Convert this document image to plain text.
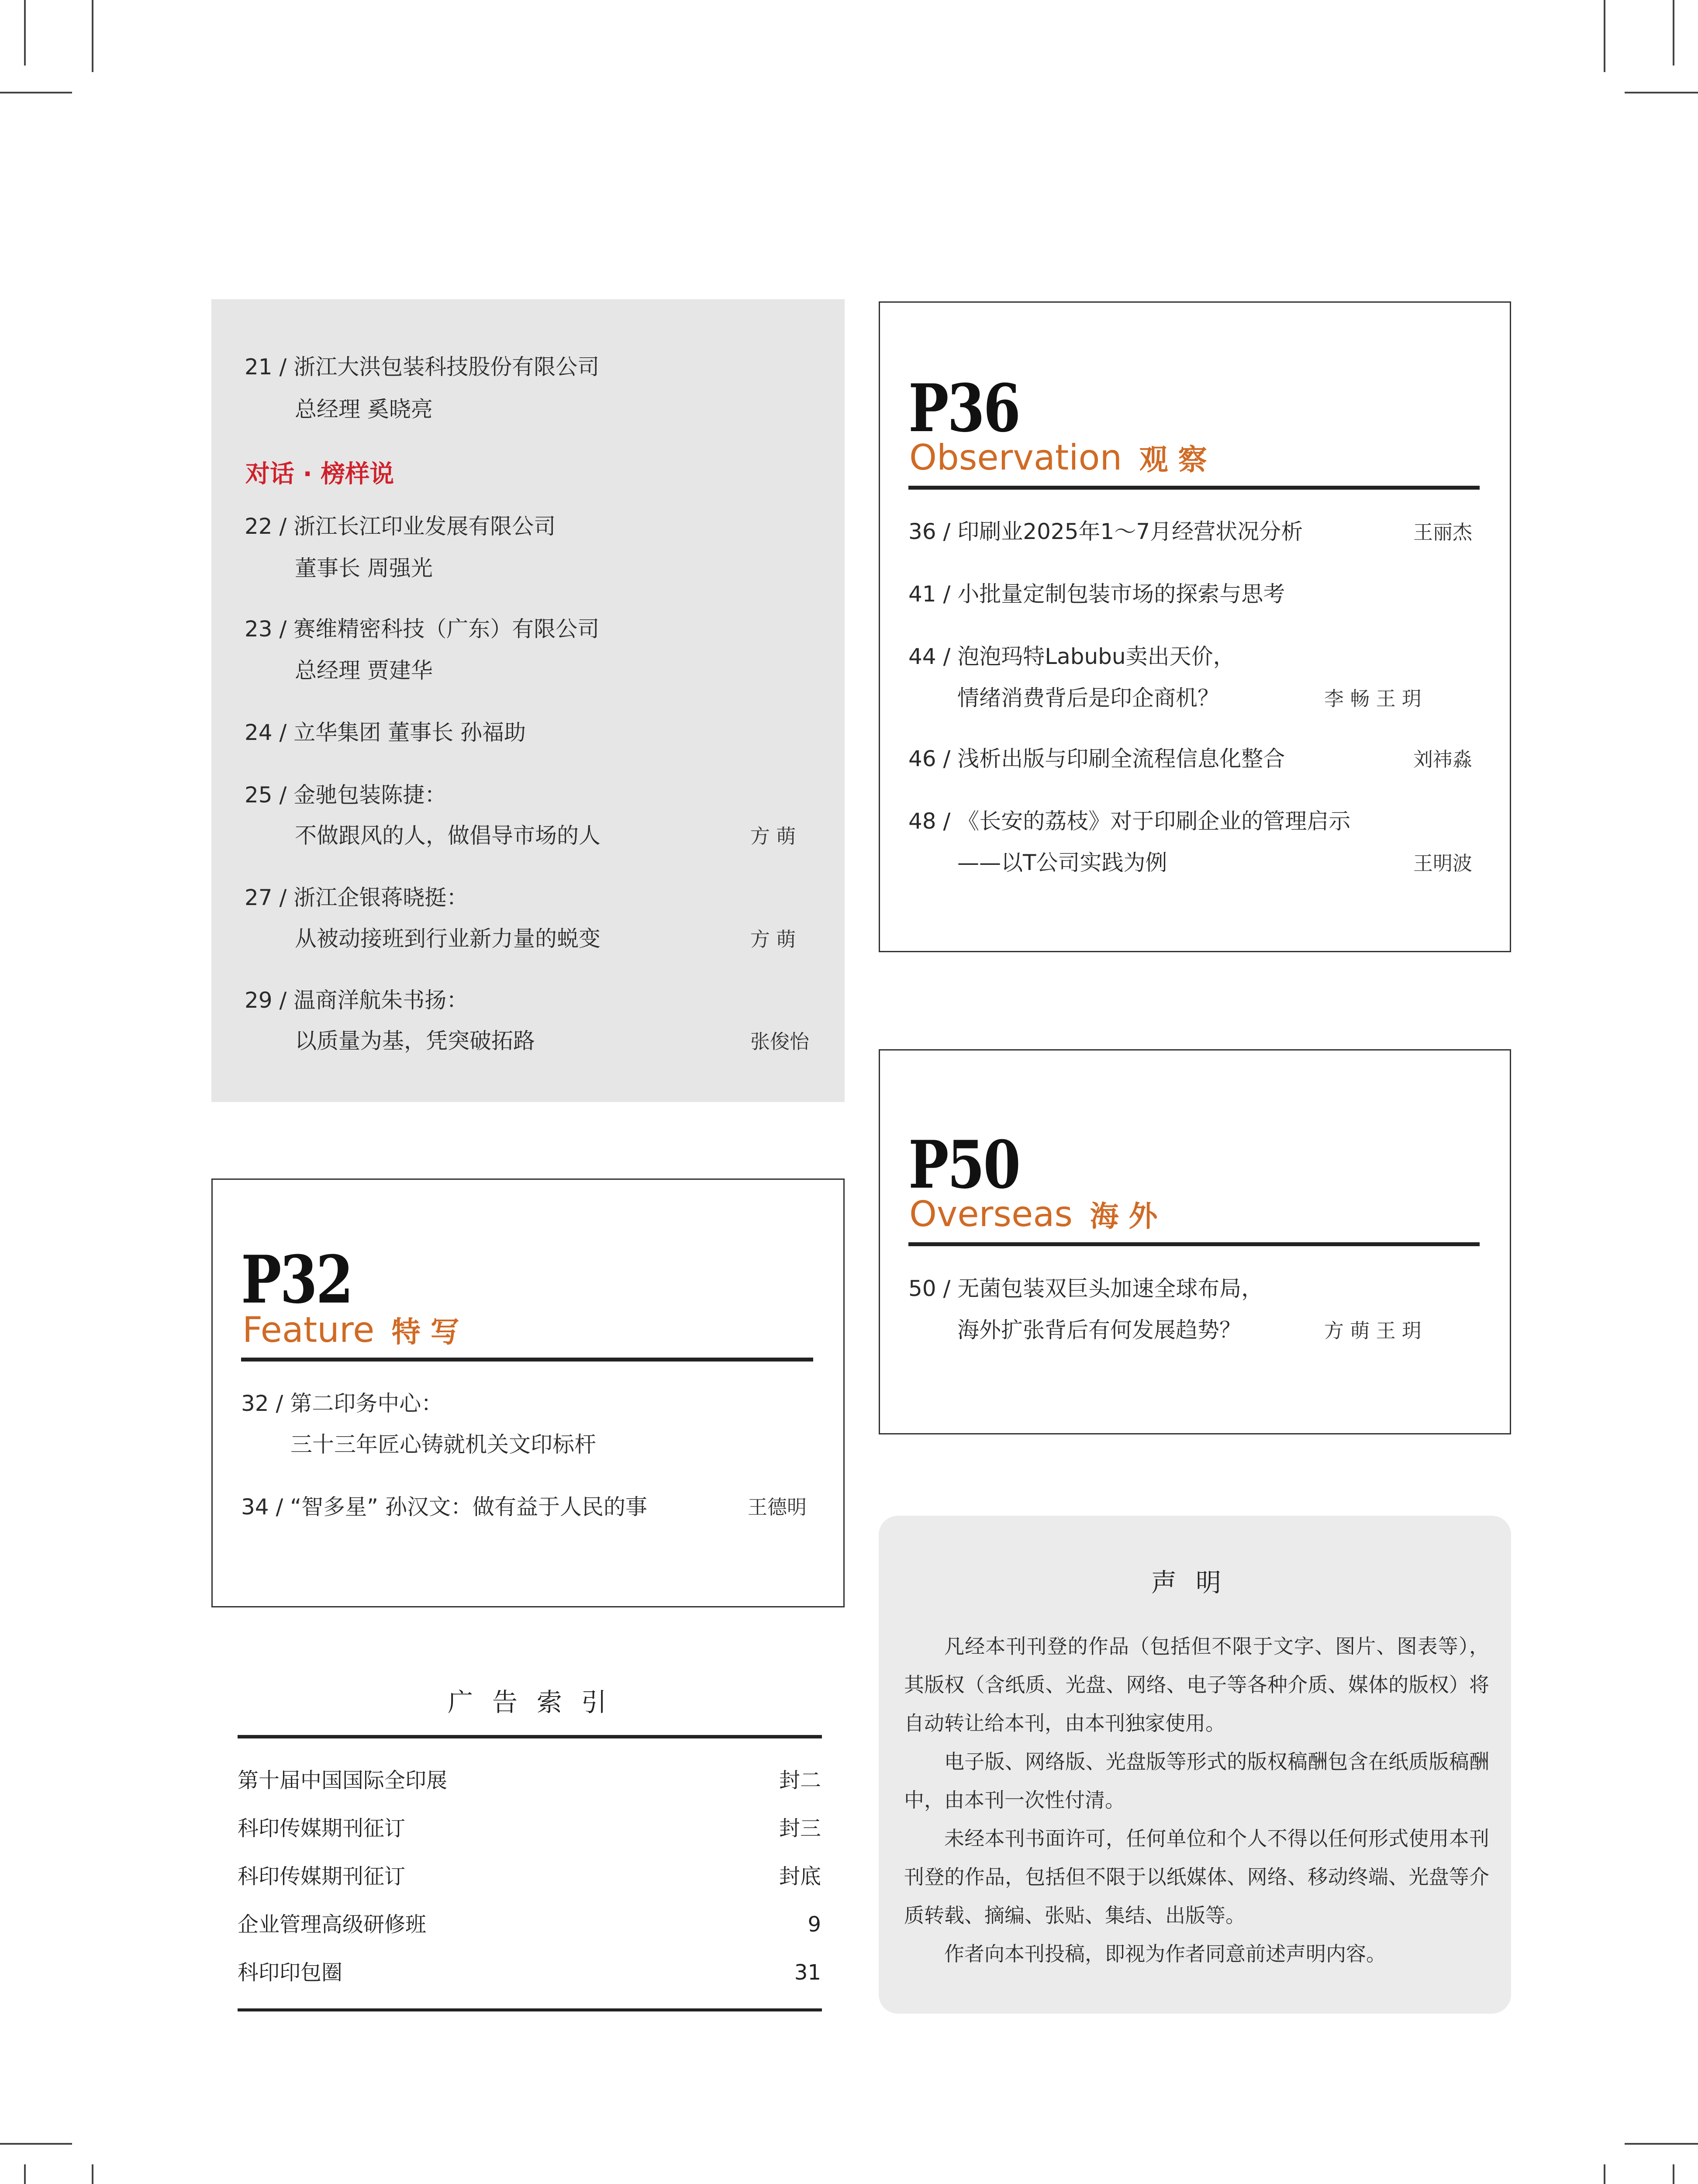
21 / 浙江大洪包装科技股份有限公司
总经理 奚晓亮
对话 · 榜样说
22 / 浙江长江印业发展有限公司
董事长 周强光
23 / 赛维精密科技（广东）有限公司
总经理 贾建华
24 / 立华集团 董事长 孙福助
25 / 金驰包装陈捷：
不做跟风的人，做倡导市场的人	方 萌
27 / 浙江企银蒋晓挺：
从被动接班到行业新力量的蜕变	方 萌
29 / 温商洋航朱书扬：
以质量为基，凭突破拓路	张俊怡
P32
Feature 特 写
32 / 第二印务中心：
三十三年匠心铸就机关文印标杆
34 / “智多星” 孙汉文：做有益于人民的事	王德明
广告索引
第十届中国国际全印展	封二
科印传媒期刊征订	封三
科印传媒期刊征订	封底
企业管理高级研修班	9
科印印包圈	31
P36
Observation 观 察
36 / 印刷业2025年1～7月经营状况分析	王丽杰
41 / 小批量定制包装市场的探索与思考
44 / 泡泡玛特Labubu卖出天价，
情绪消费背后是印企商机？	李 畅 王 玥
46 / 浅析出版与印刷全流程信息化整合	刘祎淼
48 / 《长安的荔枝》对于印刷企业的管理启示
——以T公司实践为例	王明波
P50
Overseas 海 外
50 / 无菌包装双巨头加速全球布局，
海外扩张背后有何发展趋势？	方 萌 王 玥
声明
凡经本刊刊登的作品（包括但不限于文字、图片、图表等），其版权（含纸质、光盘、网络、电子等各种介质、媒体的版权）将自动转让给本刊，由本刊独家使用。
电子版、网络版、光盘版等形式的版权稿酬包含在纸质版稿酬中，由本刊一次性付清。
未经本刊书面许可，任何单位和个人不得以任何形式使用本刊刊登的作品，包括但不限于以纸媒体、网络、移动终端、光盘等介质转载、摘编、张贴、集结、出版等。
作者向本刊投稿，即视为作者同意前述声明内容。
